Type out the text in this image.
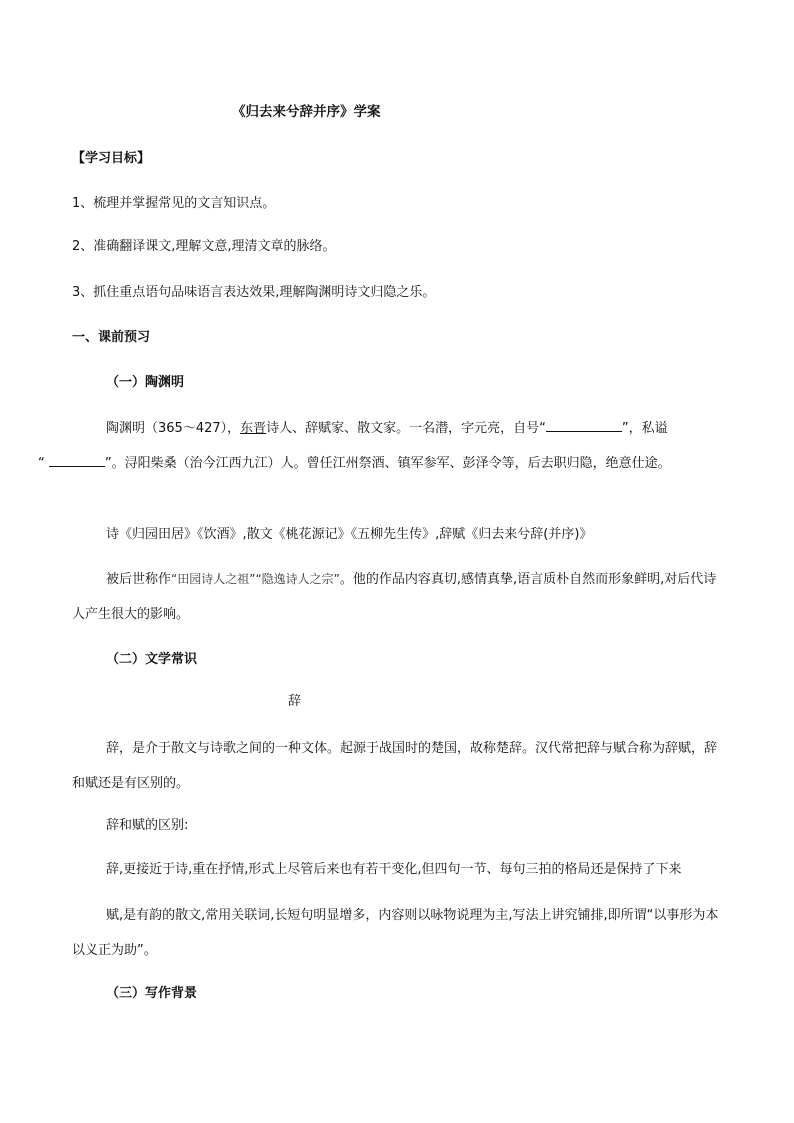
《归去来兮辞并序》学案
【学习目标】
1、梳理并掌握常见的文言知识点。
2、准确翻译课文,理解文意,理清文章的脉络。
3、抓住重点语句品味语言表达效果,理解陶渊明诗文归隐之乐。
一、课前预习
（一）陶渊明
陶渊明（365～427），东晋诗人、辞赋家、散文家。一名潜，字元亮，自号“	”，私谥
“	”。浔阳柴桑（治今江西九江）人。曾任江州祭酒、镇军参军、彭泽令等，后去职归隐，绝意仕途。
诗《归园田居》《饮酒》,散文《桃花源记》《五柳先生传》,辞赋《归去来兮辞(并序)》
被后世称作“田园诗人之祖”“隐逸诗人之宗”。他的作品内容真切,感情真挚,语言质朴自然而形象鲜明,对后代诗人产生很大的影响。
（二）文学常识
辞
辞，是介于散文与诗歌之间的一种文体。起源于战国时的楚国，故称楚辞。汉代常把辞与赋合称为辞赋，辞和赋还是有区别的。
辞和赋的区别:
辞,更接近于诗,重在抒情,形式上尽管后来也有若干变化,但四句一节、每句三拍的格局还是保持了下来
赋,是有韵的散文,常用关联词,长短句明显增多，内容则以咏物说理为主,写法上讲究铺排,即所谓“以事形为本以义正为助”。
（三）写作背景
